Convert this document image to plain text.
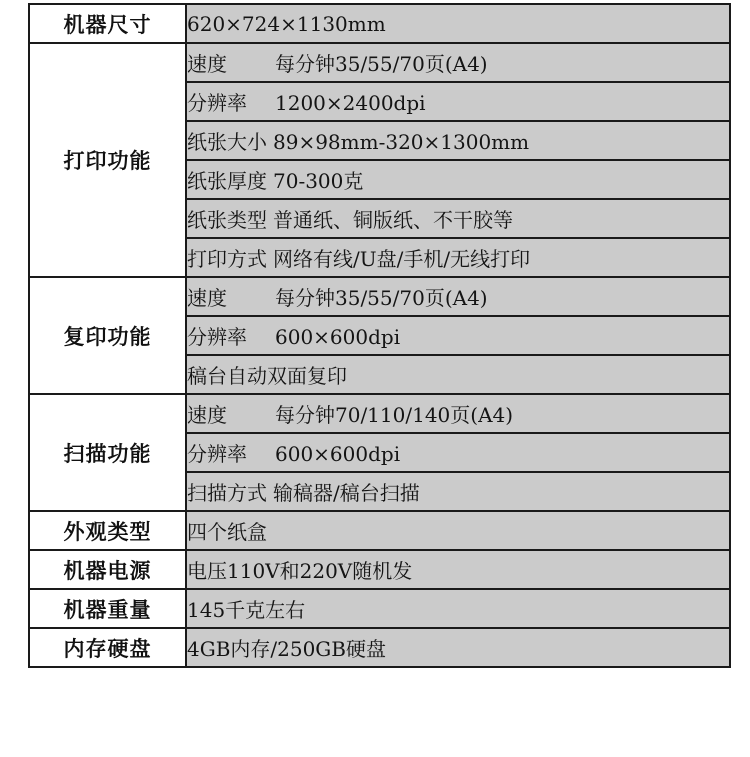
机器尺寸	620×724×1130mm
打印功能	速度 每分钟35/55/70页(A4)
	分辨率 1200×2400dpi
	纸张大小 89×98mm-320×1300mm
	纸张厚度 70-300克
	纸张类型 普通纸、铜版纸、不干胶等
	打印方式 网络有线/U盘/手机/无线打印
复印功能	速度 每分钟35/55/70页(A4)
	分辨率 600×600dpi
	稿台自动双面复印
扫描功能	速度 每分钟70/110/140页(A4)
	分辨率 600×600dpi
	扫描方式 输稿器/稿台扫描
外观类型	四个纸盒
机器电源	电压110V和220V随机发
机器重量	145千克左右
内存硬盘	4GB内存/250GB硬盘
